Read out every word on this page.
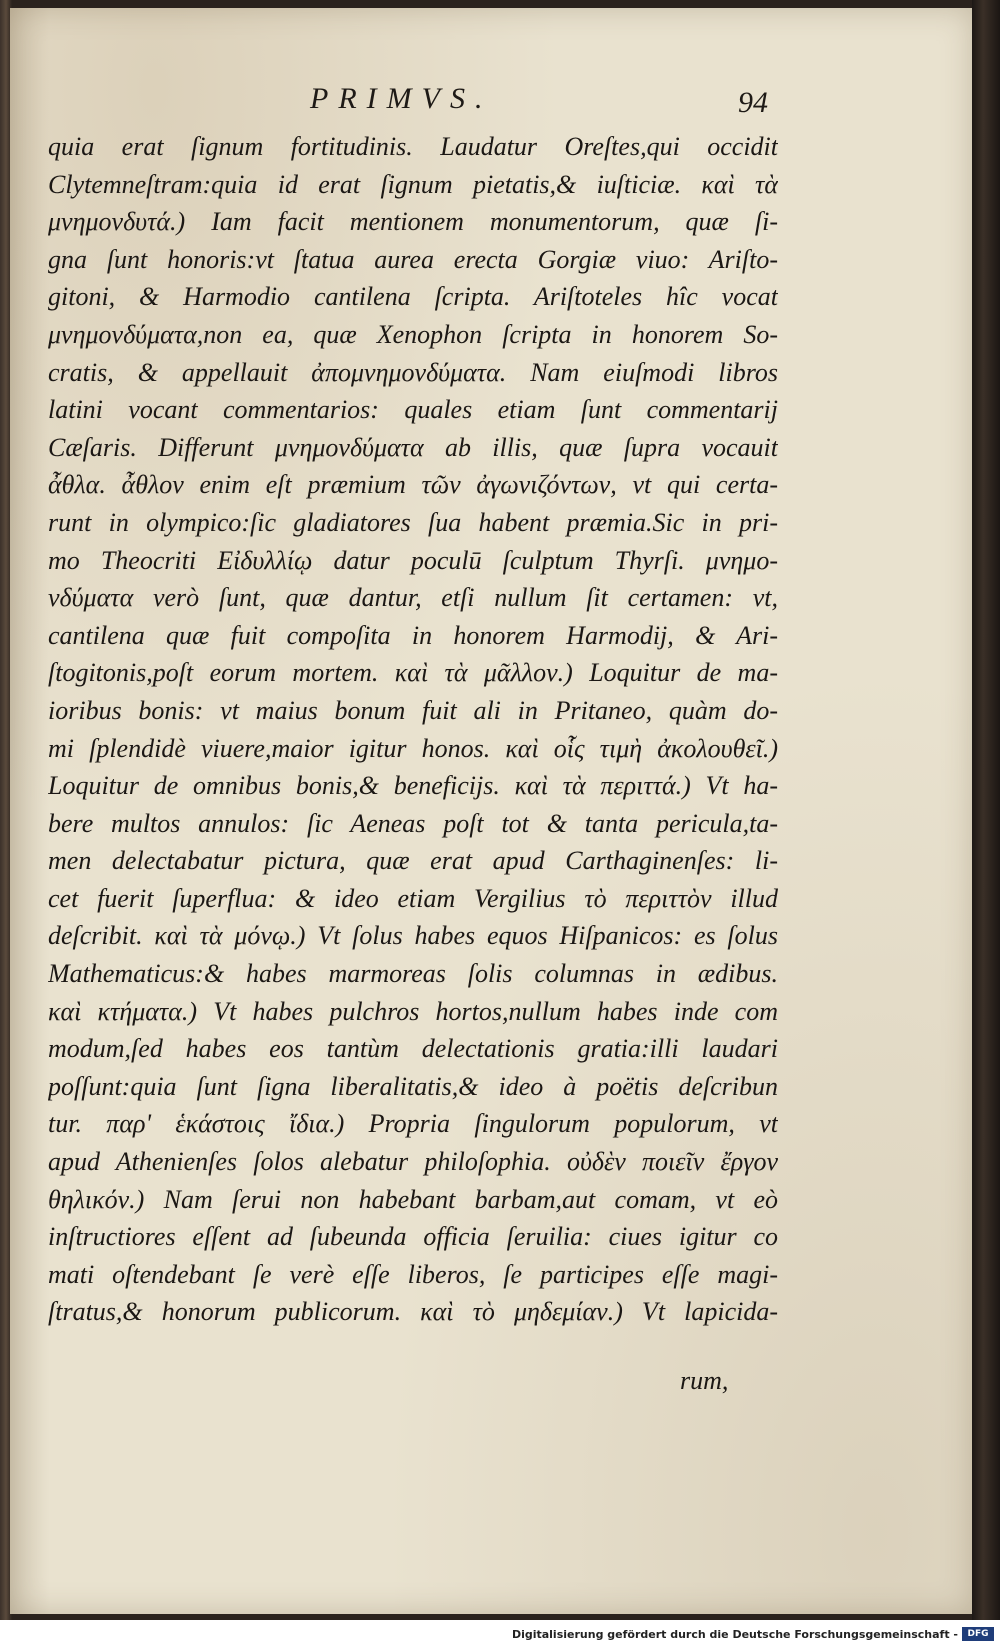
PRIMVS.	94
quia erat ſignum fortitudinis. Laudatur Oreſtes,qui occidit
Clytemneſtram:quia id erat ſignum pietatis,& iuſticiæ. καὶ τὰ
μνημονδυτά.) Iam facit mentionem monumentorum, quæ ſi-
gna ſunt honoris:vt ſtatua aurea erecta Gorgiæ viuo: Ariſto-
gitoni, & Harmodio cantilena ſcripta. Ariſtoteles hîc vocat
μνημονδύματα,non ea, quæ Xenophon ſcripta in honorem So-
cratis, & appellauit ἀπομνημονδύματα. Nam eiuſmodi libros
latini vocant commentarios: quales etiam ſunt commentarij
Cæſaris. Differunt μνημονδύματα ab illis, quæ ſupra vocauit
ἆθλα. ἆθλον enim eſt præmium τῶν ἀγωνιζόντων, vt qui certa-
runt in olympico:ſic gladiatores ſua habent præmia.Sic in pri-
mo Theocriti Εἰδυλλίῳ datur poculū ſculptum Thyrſi. μνημο-
νδύματα verò ſunt, quæ dantur, etſi nullum ſit certamen: vt,
cantilena quæ fuit compoſita in honorem Harmodij, & Ari-
ſtogitonis,poſt eorum mortem. καὶ τὰ μᾶλλον.) Loquitur de ma-
ioribus bonis: vt maius bonum fuit ali in Pritaneo, quàm do-
mi ſplendidè viuere,maior igitur honos. καὶ οἷς τιμὴ ἀκολουθεῖ.)
Loquitur de omnibus bonis,& beneficijs. καὶ τὰ περιττά.) Vt ha-
bere multos annulos: ſic Aeneas poſt tot & tanta pericula,ta-
men delectabatur pictura, quæ erat apud Carthaginenſes: li-
cet fuerit ſuperflua: & ideo etiam Vergilius τὸ περιττὸν illud
deſcribit. καὶ τὰ μόνῳ.) Vt ſolus habes equos Hiſpanicos: es ſolus
Mathematicus:& habes marmoreas ſolis columnas in ædibus.
καὶ κτήματα.) Vt habes pulchros hortos,nullum habes inde com
modum,ſed habes eos tantùm delectationis gratia:illi laudari
poſſunt:quia ſunt ſigna liberalitatis,& ideo à poëtis deſcribun
tur. παρ' ἑκάστοις ἴδια.) Propria ſingulorum populorum, vt
apud Athenienſes ſolos alebatur philoſophia. οὐδὲν ποιεῖν ἔργον
θηλικόν.) Nam ſerui non habebant barbam,aut comam, vt eò
inſtructiores eſſent ad ſubeunda officia ſeruilia: ciues igitur co
mati oſtendebant ſe verè eſſe liberos, ſe participes eſſe magi-
ſtratus,& honorum publicorum. καὶ τὸ μηδεμίαν.) Vt lapicida-
rum,
Digitalisierung gefördert durch die Deutsche Forschungsgemeinschaft -	DFG
